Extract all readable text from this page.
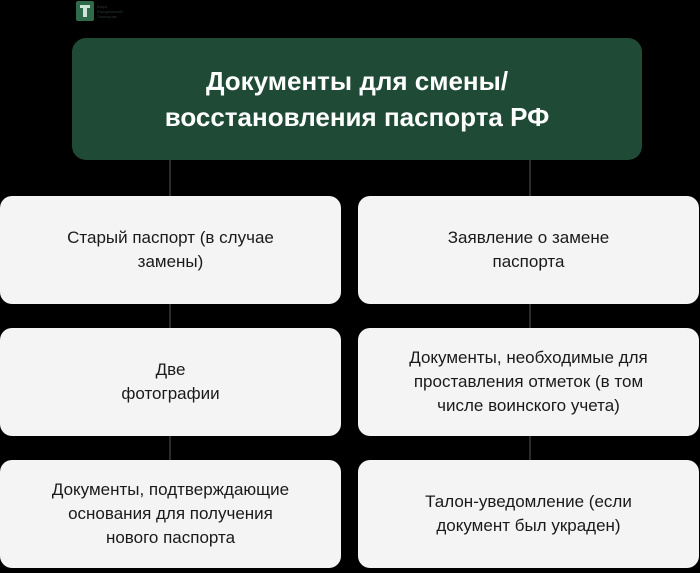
Бюро
Юридический
Помощник
Документы для смены/
восстановления паспорта РФ
Старый паспорт (в случае
замены)
Заявление о замене
паспорта
Две
фотографии
Документы, необходимые для
проставления отметок (в том
числе воинского учета)
Документы, подтверждающие
основания для получения
нового паспорта
Талон-уведомление (если
документ был украден)
